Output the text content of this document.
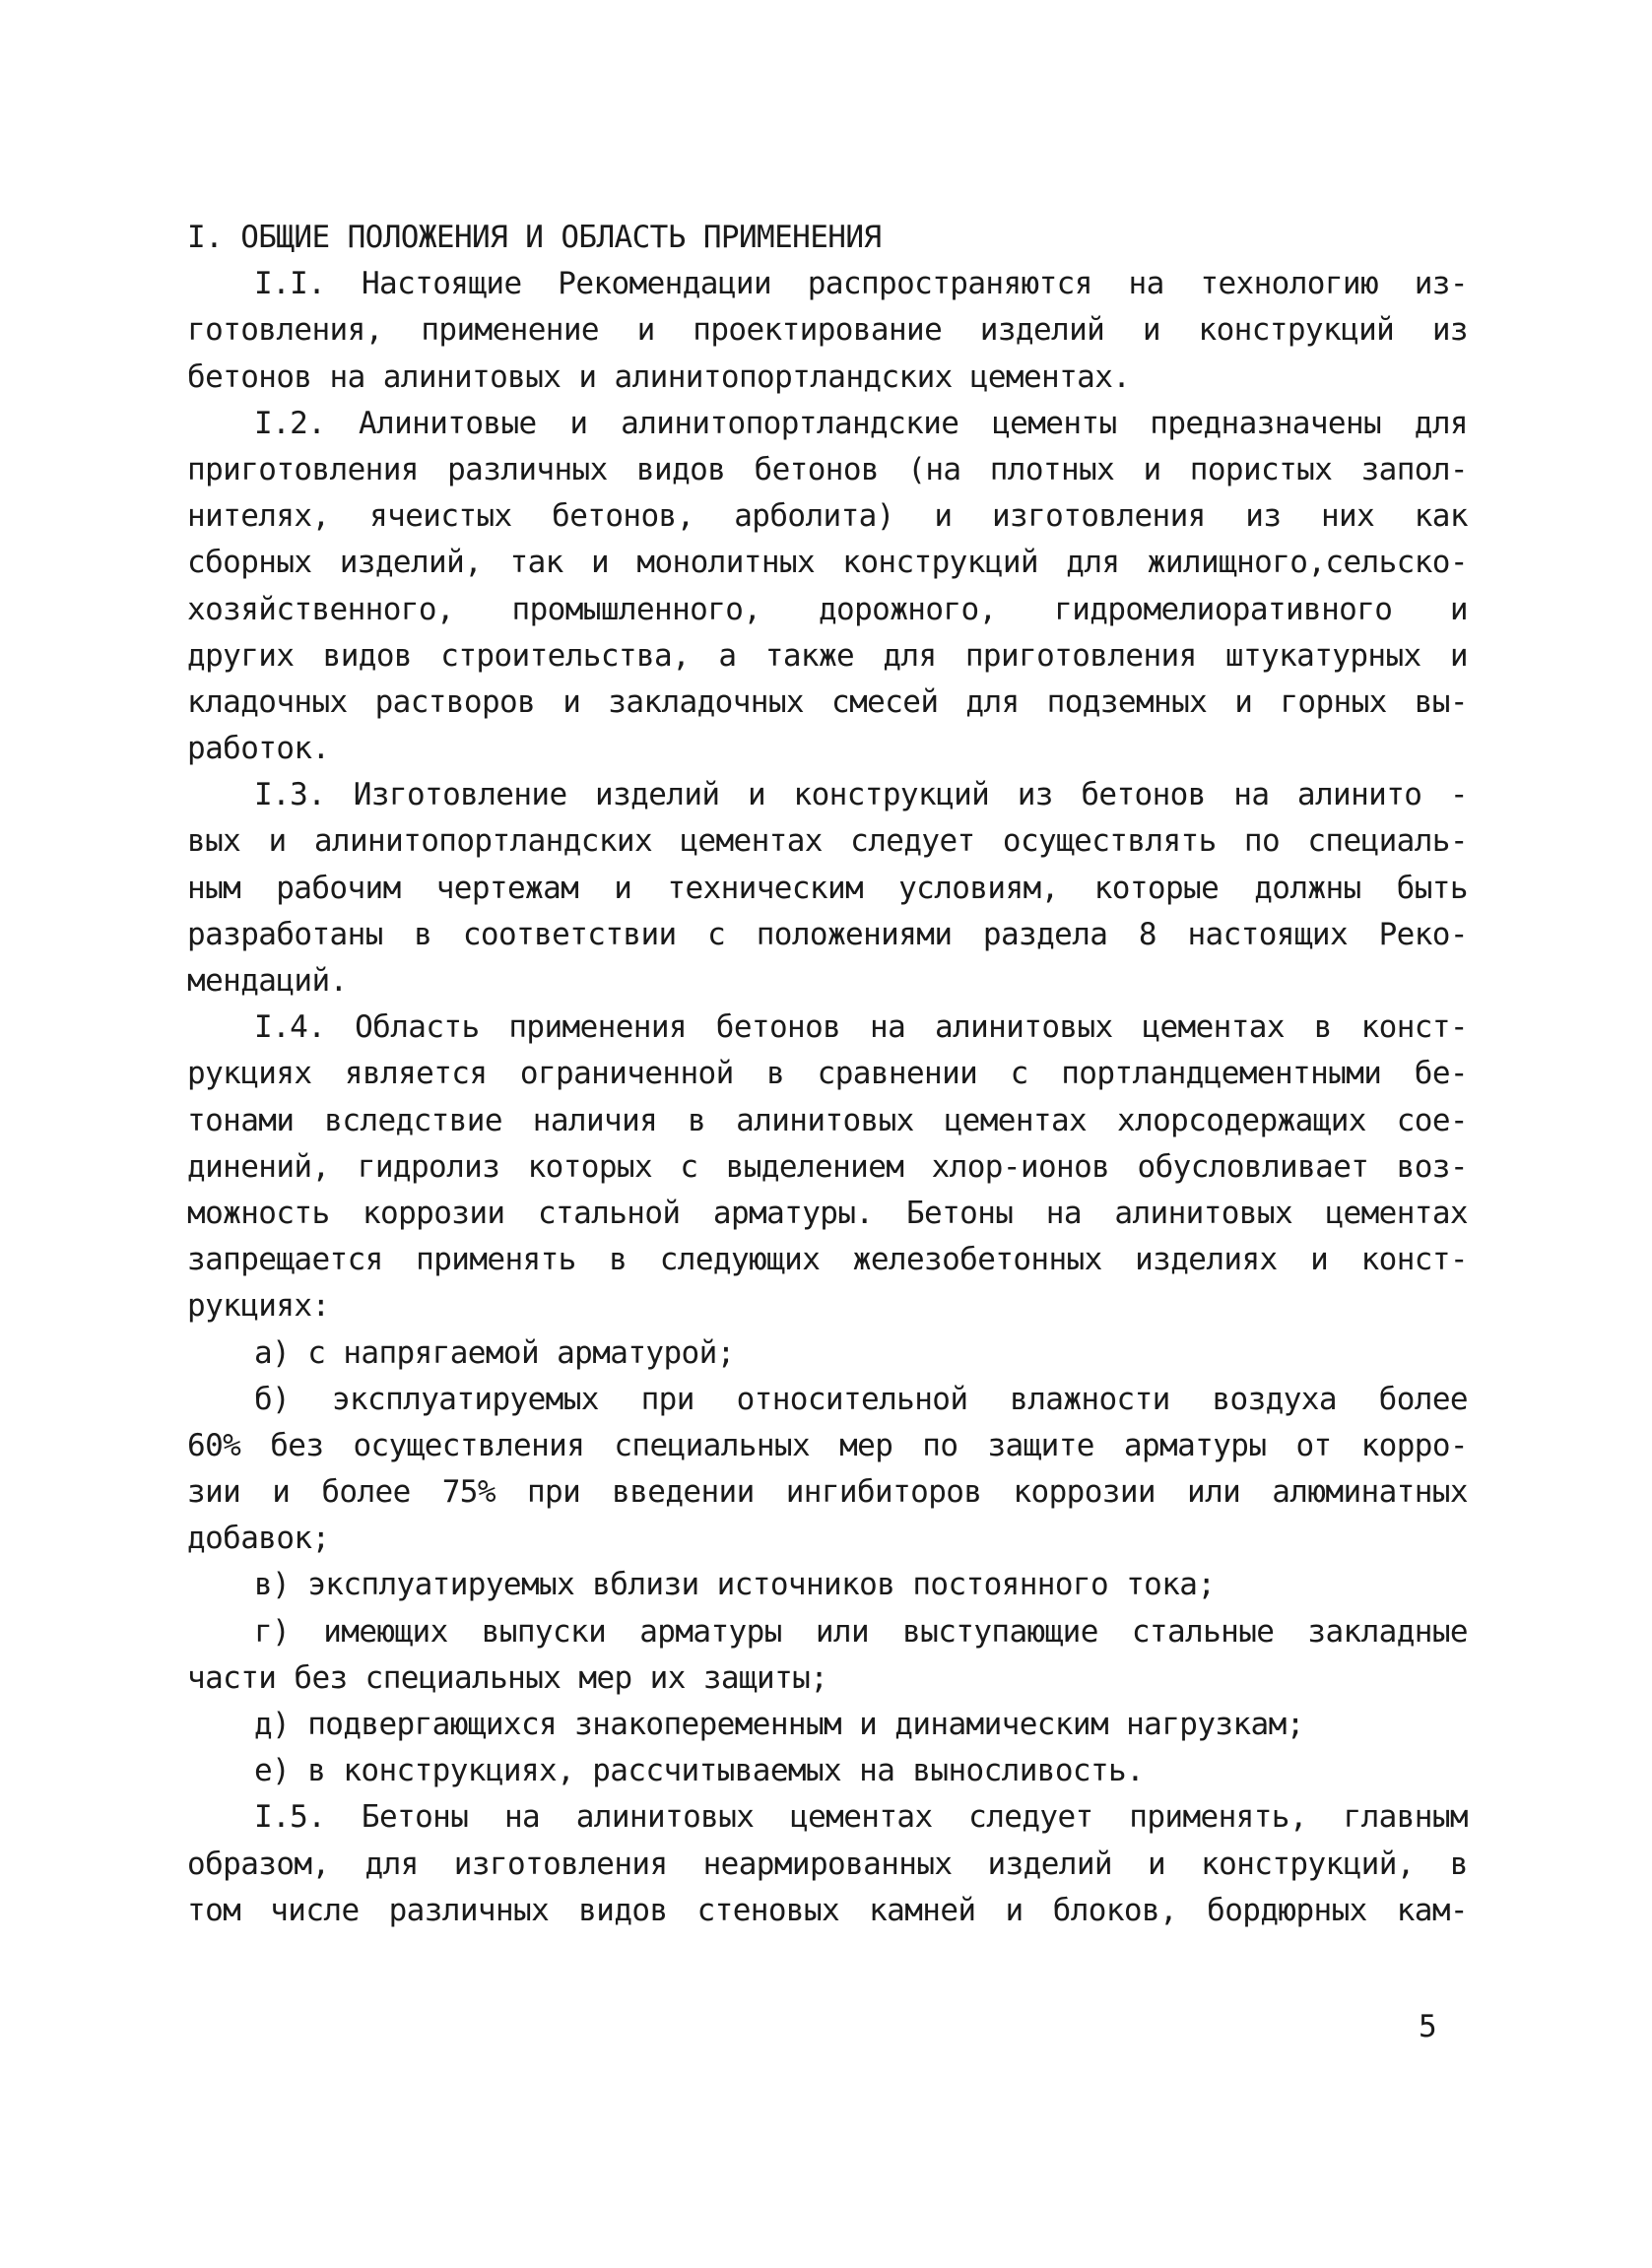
I. ОБЩИЕ ПОЛОЖЕНИЯ И ОБЛАСТЬ ПРИМЕНЕНИЯ
I.I. Настоящие Рекомендации распространяются на технологию из-
готовления, применение и проектирование изделий и конструкций из
бетонов на алинитовых и алинитопортландских цементах.
I.2. Алинитовые и алинитопортландские цементы предназначены для
приготовления различных видов бетонов (на плотных и пористых запол-
нителях, ячеистых бетонов, арболита) и изготовления из них как
сборных изделий, так и монолитных конструкций для жилищного,сельско-
хозяйственного, промышленного, дорожного, гидромелиоративного и
других видов строительства, а также для приготовления штукатурных и
кладочных растворов и закладочных смесей для подземных и горных вы-
работок.
I.3. Изготовление изделий и конструкций из бетонов на алинито -
вых и алинитопортландских цементах следует осуществлять по специаль-
ным рабочим чертежам и техническим условиям, которые должны быть
разработаны в соответствии с положениями раздела 8 настоящих Реко-
мендаций.
I.4. Область применения бетонов на алинитовых цементах в конст-
рукциях является ограниченной в сравнении с портландцементными бе-
тонами вследствие наличия в алинитовых цементах хлорсодержащих сое-
динений, гидролиз которых с выделением хлор-ионов обусловливает воз-
можность коррозии стальной арматуры. Бетоны на алинитовых цементах
запрещается применять в следующих железобетонных изделиях и конст-
рукциях:
а) с напрягаемой арматурой;
б) эксплуатируемых при относительной влажности воздуха более
60% без осуществления специальных мер по защите арматуры от корро-
зии и более 75% при введении ингибиторов коррозии или алюминатных
добавок;
в) эксплуатируемых вблизи источников постоянного тока;
г) имеющих выпуски арматуры или выступающие стальные закладные
части без специальных мер их защиты;
д) подвергающихся знакопеременным и динамическим нагрузкам;
е) в конструкциях, рассчитываемых на выносливость.
I.5. Бетоны на алинитовых цементах следует применять, главным
образом, для изготовления неармированных изделий и конструкций, в
том числе различных видов стеновых камней и блоков, бордюрных кам-
5
